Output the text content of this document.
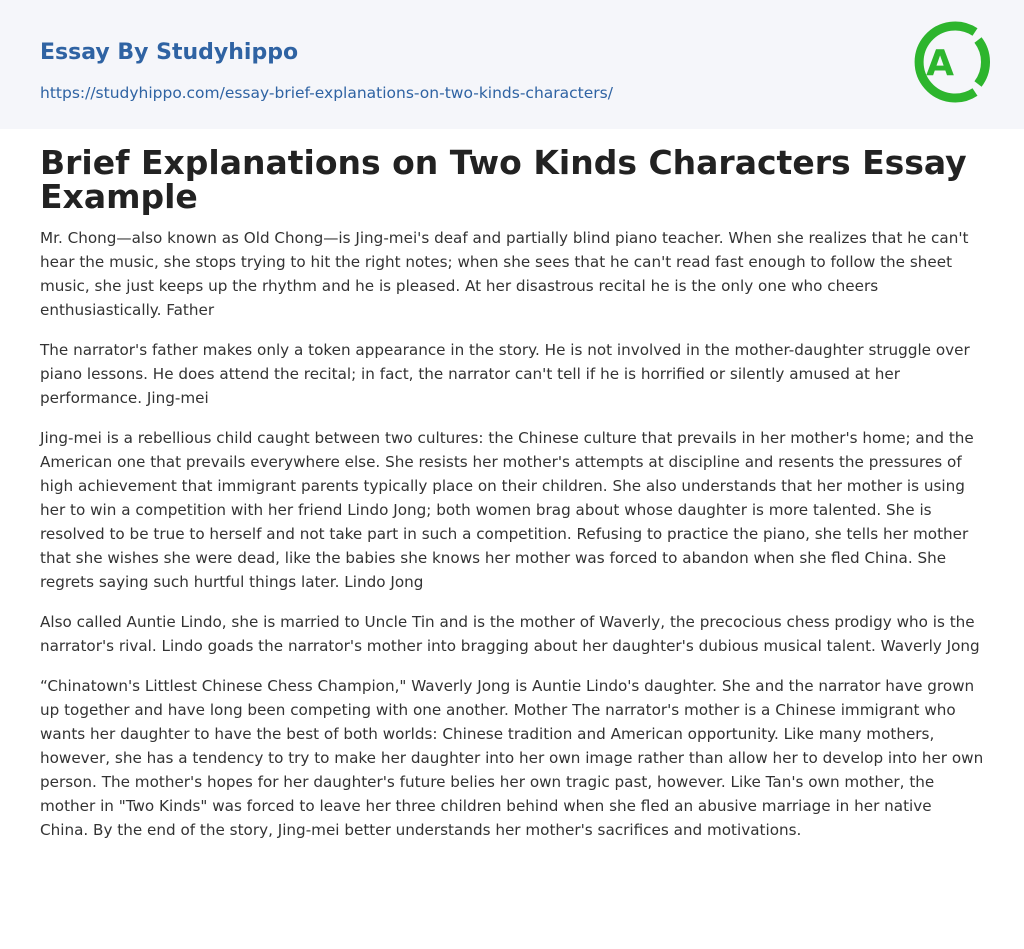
Essay By Studyhippo
https://studyhippo.com/essay-brief-explanations-on-two-kinds-characters/
A
Brief Explanations on Two Kinds Characters Essay Example

Mr. Chong—also known as Old Chong—is Jing-mei's deaf and partially blind piano teacher. When she realizes that he can't hear the music, she stops trying to hit the right notes; when she sees that he can't read fast enough to follow the sheet music, she just keeps up the rhythm and he is pleased. At her disastrous recital he is the only one who cheers enthusiastically. Father

The narrator's father makes only a token appearance in the story. He is not involved in the mother-daughter struggle over piano lessons. He does attend the recital; in fact, the narrator can't tell if he is horrified or silently amused at her performance. Jing-mei

Jing-mei is a rebellious child caught between two cultures: the Chinese culture that prevails in her mother's home; and the American one that prevails everywhere else. She resists her mother's attempts at discipline and resents the pressures of high achievement that immigrant parents typically place on their children. She also understands that her mother is using her to win a competition with her friend Lindo Jong; both women brag about whose daughter is more talented. She is resolved to be true to herself and not take part in such a competition. Refusing to practice the piano, she tells her mother that she wishes she were dead, like the babies she knows her mother was forced to abandon when she fled China. She regrets saying such hurtful things later. Lindo Jong

Also called Auntie Lindo, she is married to Uncle Tin and is the mother of Waverly, the precocious chess prodigy who is the narrator's rival. Lindo goads the narrator's mother into bragging about her daughter's dubious musical talent. Waverly Jong

“Chinatown's Littlest Chinese Chess Champion," Waverly Jong is Auntie Lindo's daughter. She and the narrator have grown up together and have long been competing with one another. Mother The narrator's mother is a Chinese immigrant who wants her daughter to have the best of both worlds: Chinese tradition and American opportunity. Like many mothers, however, she has a tendency to try to make her daughter into her own image rather than allow her to develop into her own person. The mother's hopes for her daughter's future belies her own tragic past, however. Like Tan's own mother, the mother in "Two Kinds" was forced to leave her three children behind when she fled an abusive marriage in her native China. By the end of the story, Jing-mei better understands her mother's sacrifices and motivations.
